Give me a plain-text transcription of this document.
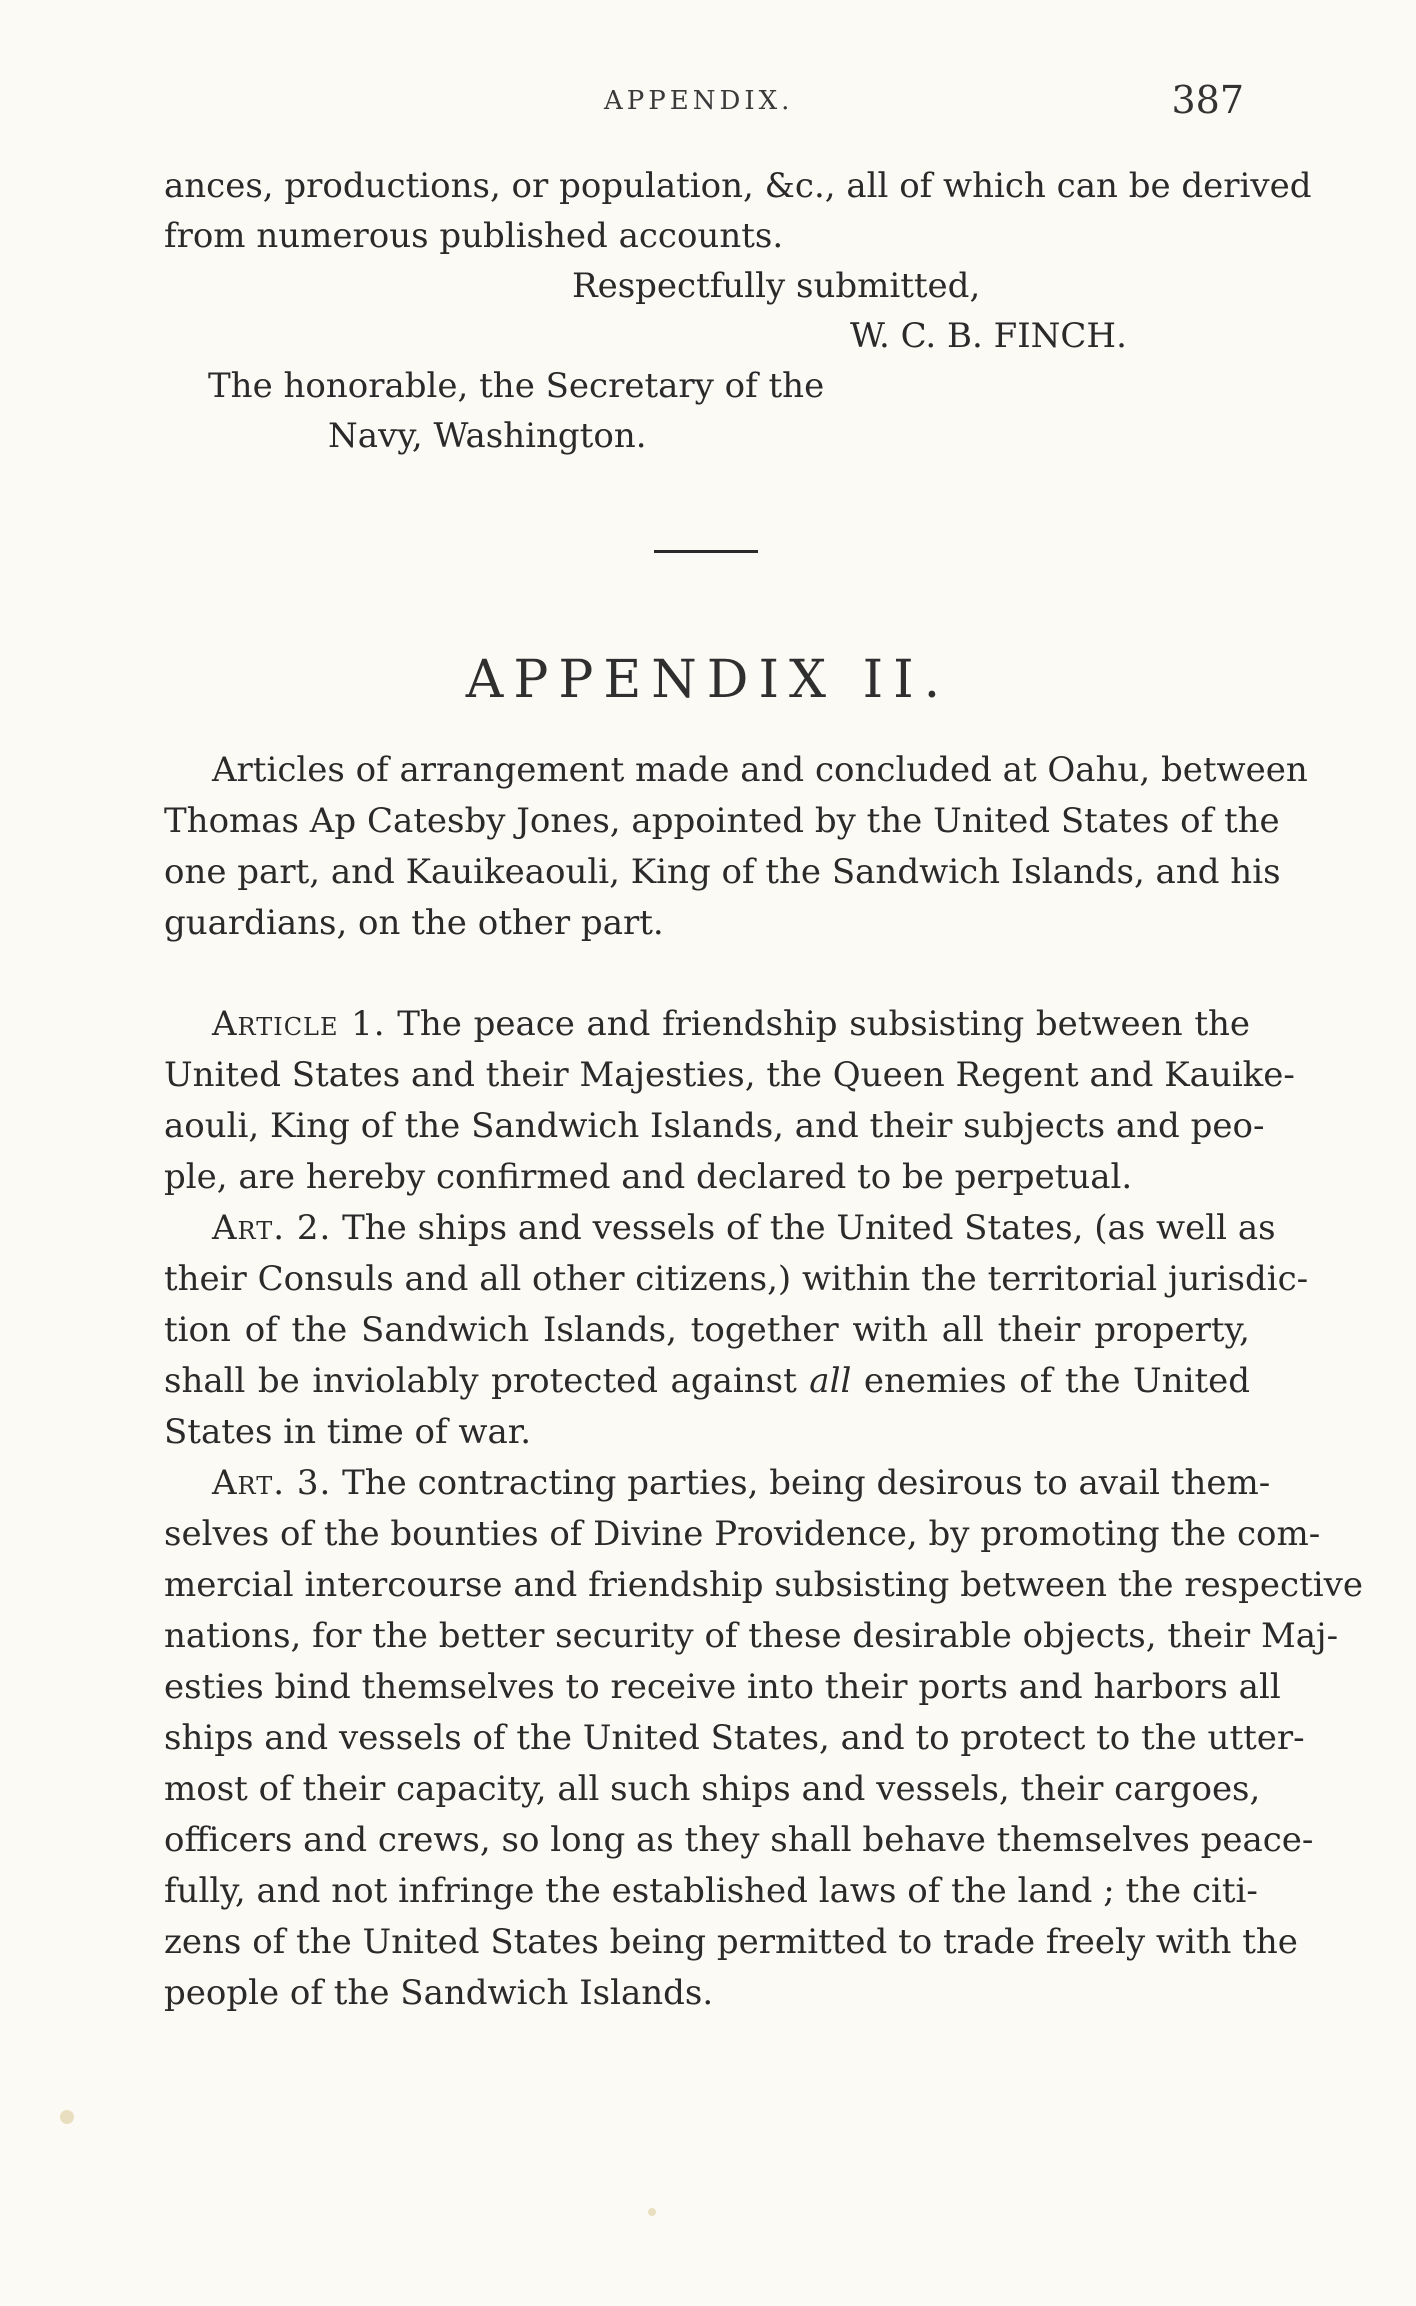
APPENDIX.	387
ances, productions, or population, &c., all of which can be derived
from numerous published accounts.
Respectfully submitted,
W. C. B. FINCH.
The honorable, the Secretary of the
Navy, Washington.
APPENDIX II.
Articles of arrangement made and concluded at Oahu, between
Thomas Ap Catesby Jones, appointed by the United States of the
one part, and Kauikeaouli, King of the Sandwich Islands, and his
guardians, on the other part.
Article 1. The peace and friendship subsisting between the
United States and their Majesties, the Queen Regent and Kauike-
aouli, King of the Sandwich Islands, and their subjects and peo-
ple, are hereby confirmed and declared to be perpetual.
Art. 2. The ships and vessels of the United States, (as well as
their Consuls and all other citizens,) within the territorial jurisdic-
tion of the Sandwich Islands, together with all their property,
shall be inviolably protected against all enemies of the United
States in time of war.
Art. 3. The contracting parties, being desirous to avail them-
selves of the bounties of Divine Providence, by promoting the com-
mercial intercourse and friendship subsisting between the respective
nations, for the better security of these desirable objects, their Maj-
esties bind themselves to receive into their ports and harbors all
ships and vessels of the United States, and to protect to the utter-
most of their capacity, all such ships and vessels, their cargoes,
officers and crews, so long as they shall behave themselves peace-
fully, and not infringe the established laws of the land ; the citi-
zens of the United States being permitted to trade freely with the
people of the Sandwich Islands.
